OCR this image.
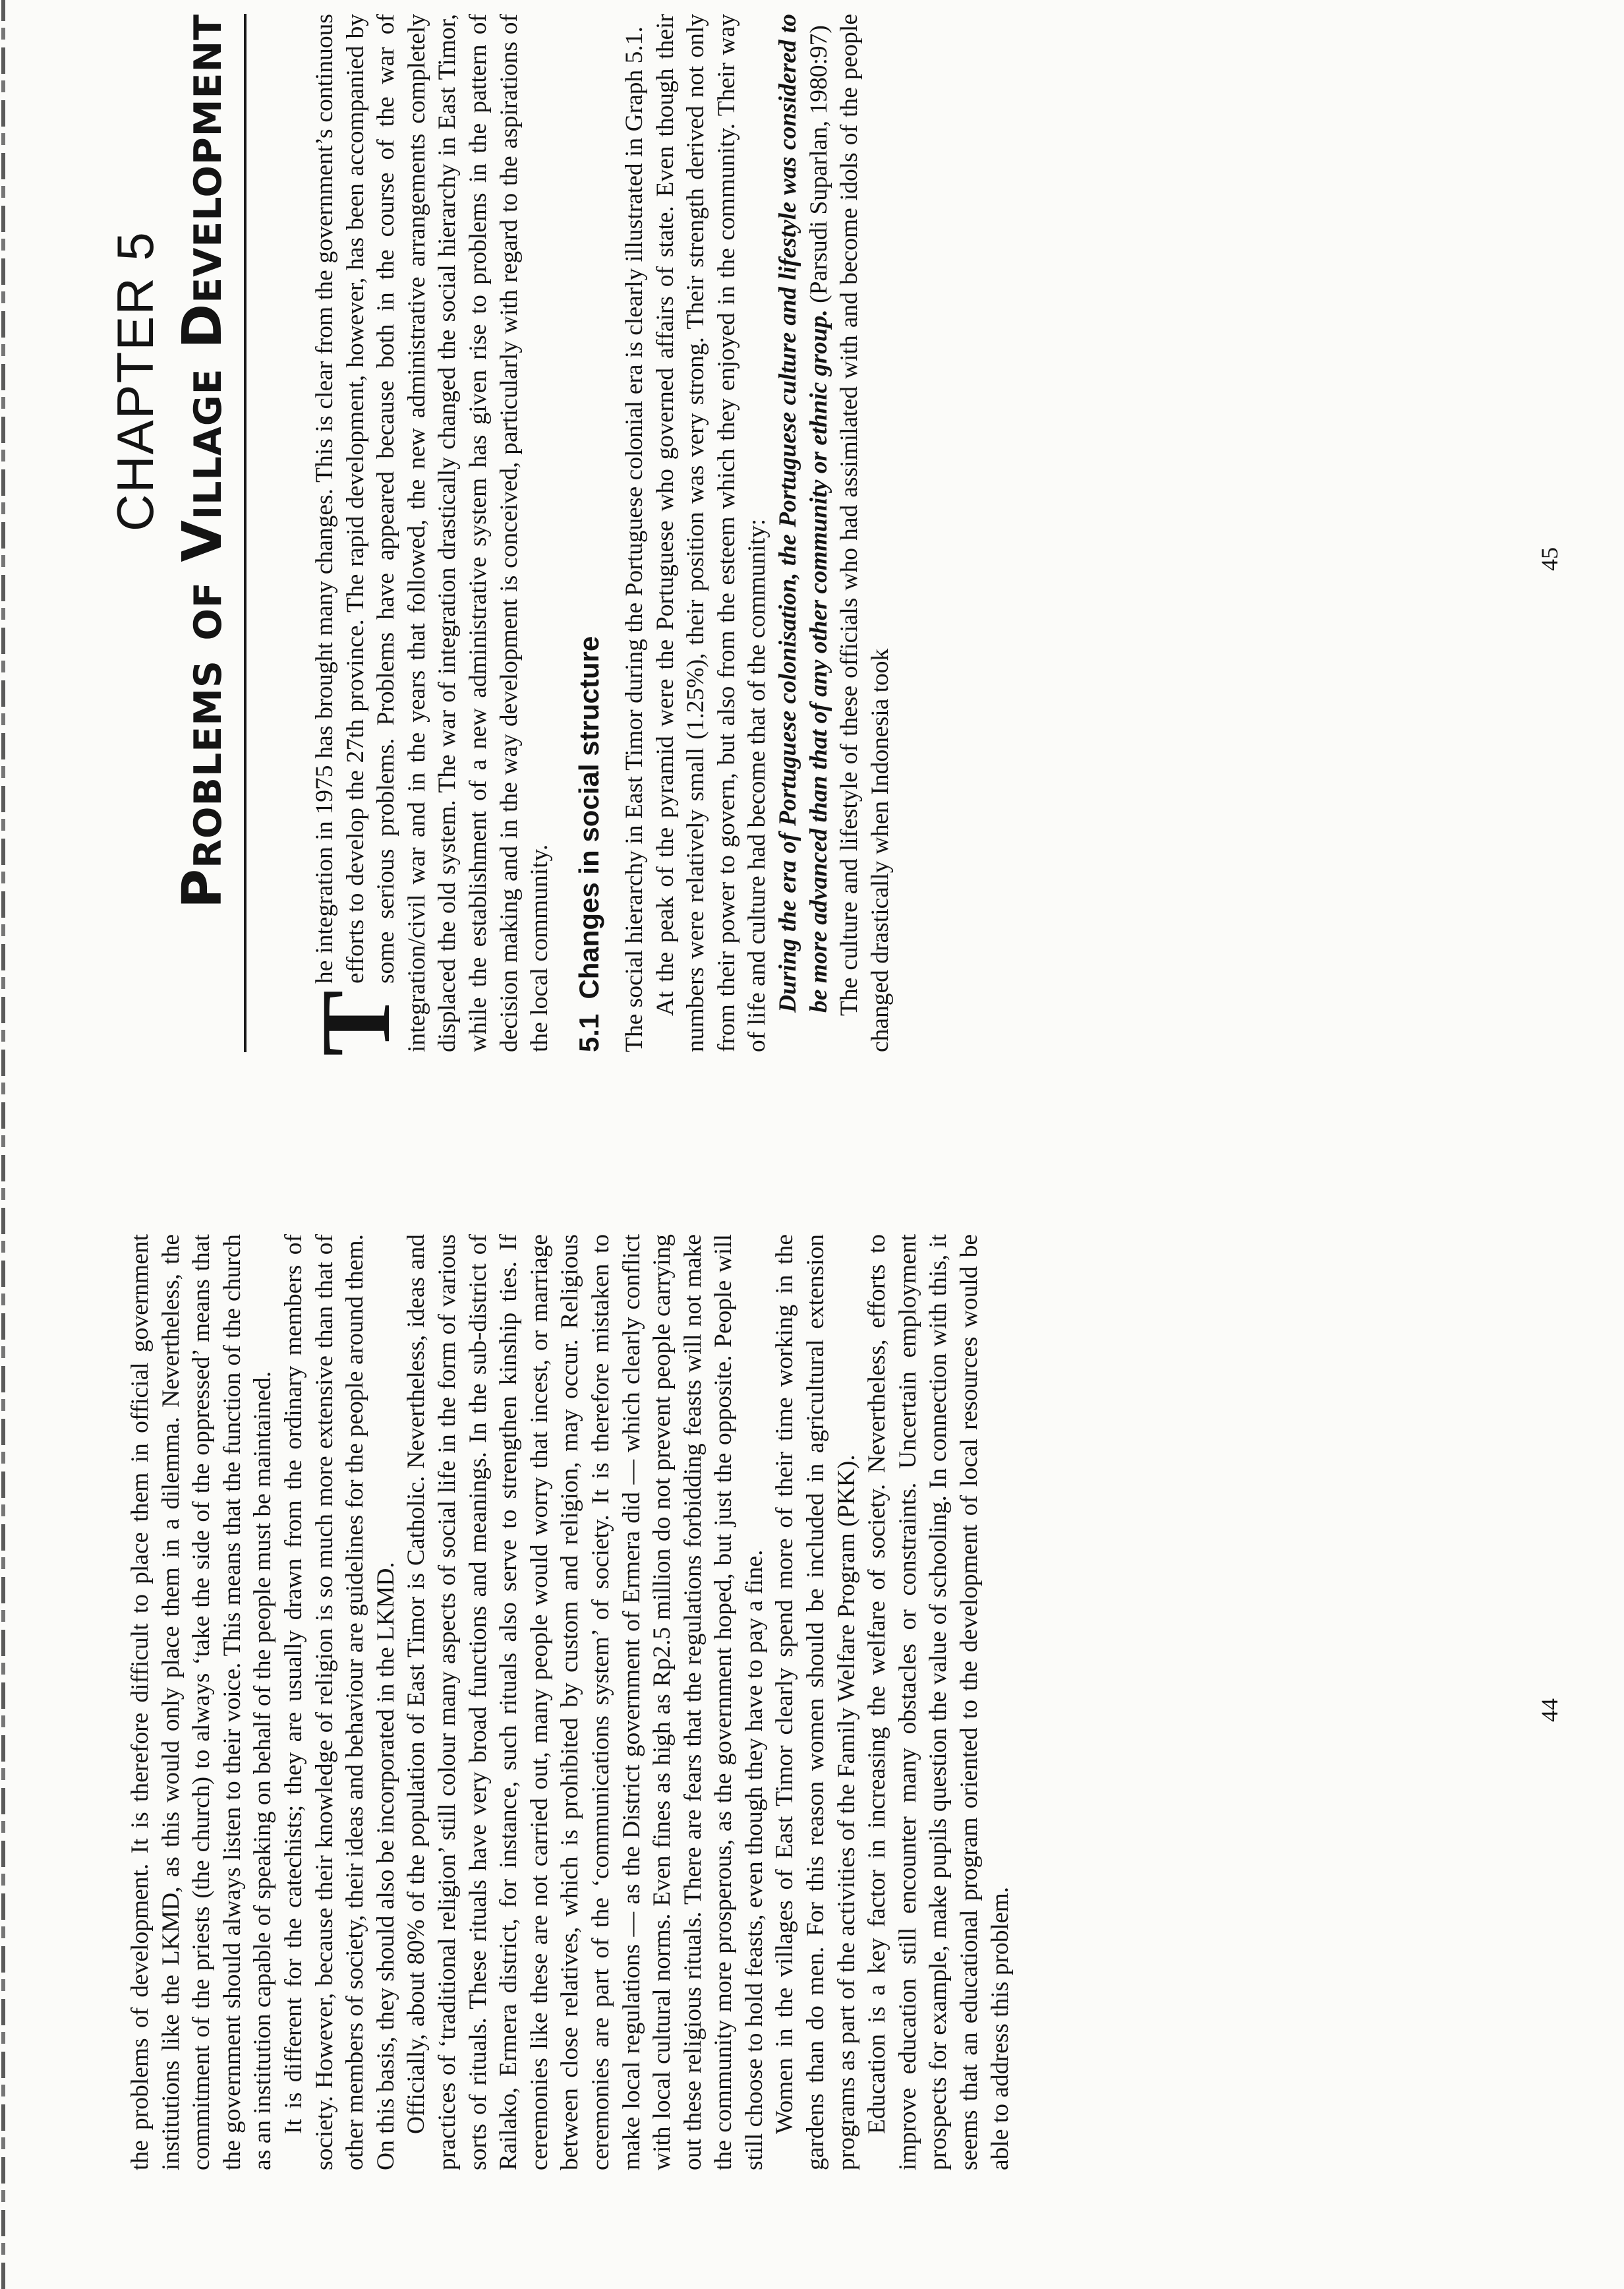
the problems of development. It is therefore difficult to place them in official government institutions like the LKMD, as this would only place them in a dilemma. Nevertheless, the commitment of the priests (the church) to always ‘take the side of the oppressed’ means that the government should always listen to their voice. This means that the function of the church as an institution capable of speaking on behalf of the people must be maintained. It is different for the catechists; they are usually drawn from the ordinary members of society. However, because their knowledge of religion is so much more extensive than that of other members of society, their ideas and behaviour are guidelines for the people around them. On this basis, they should also be incorporated in the LKMD. Officially, about 80% of the population of East Timor is Catholic. Nevertheless, ideas and practices of ‘traditional religion’ still colour many aspects of social life in the form of various sorts of rituals. These rituals have very broad functions and meanings. In the sub-district of Railako, Ermera district, for instance, such rituals also serve to strengthen kinship ties. If ceremonies like these are not carried out, many people would worry that incest, or marriage between close relatives, which is prohibited by custom and religion, may occur. Religious ceremonies are part of the ‘communications system’ of society. It is therefore mistaken to make local regulations — as the District government of Ermera did — which clearly conflict with local cultural norms. Even fines as high as Rp2.5 million do not prevent people carrying out these religious rituals. There are fears that the regulations forbidding feasts will not make the community more prosperous, as the government hoped, but just the opposite. People will still choose to hold feasts, even though they have to pay a fine. Women in the villages of East Timor clearly spend more of their time working in the gardens than do men. For this reason women should be included in agricultural extension programs as part of the activities of the Family Welfare Program (PKK). Education is a key factor in increasing the welfare of society. Nevertheless, efforts to improve education still encounter many obstacles or constraints. Uncertain employment prospects for example, make pupils question the value of schooling. In connection with this, it seems that an educational program oriented to the development of local resources would be able to address this problem.

44
CHAPTER 5 Problems of Village Development
T
he integration in 1975 has brought many changes. This is clear from the government’s continuous efforts to develop the 27th province. The rapid development, however, has been accompanied by some serious problems. Problems have appeared because both in the course of the war of integration/civil war and in the years that followed, the new administrative arrangements completely displaced the old system. The war of integration drastically changed the social hierarchy in East Timor, while the establishment of a new administrative system has given rise to problems in the pattern of decision making and in the way development is conceived, particularly with regard to the aspirations of the local community. 5.1Changes in social structure The social hierarchy in East Timor during the Portuguese colonial era is clearly illustrated in Graph 5.1. At the peak of the pyramid were the Portuguese who governed affairs of state. Even though their numbers were relatively small (1.25%), their position was very strong. Their strength derived not only from their power to govern, but also from the esteem which they enjoyed in the community. Their way of life and culture had become that of the community: During the era of Portuguese colonisation, the Portuguese culture and lifestyle was considered to be more advanced than that of any other community or ethnic group. (Parsudi Suparlan, 1980:97) The culture and lifestyle of these officials who had assimilated with and become idols of the people changed drastically when Indonesia took

45
